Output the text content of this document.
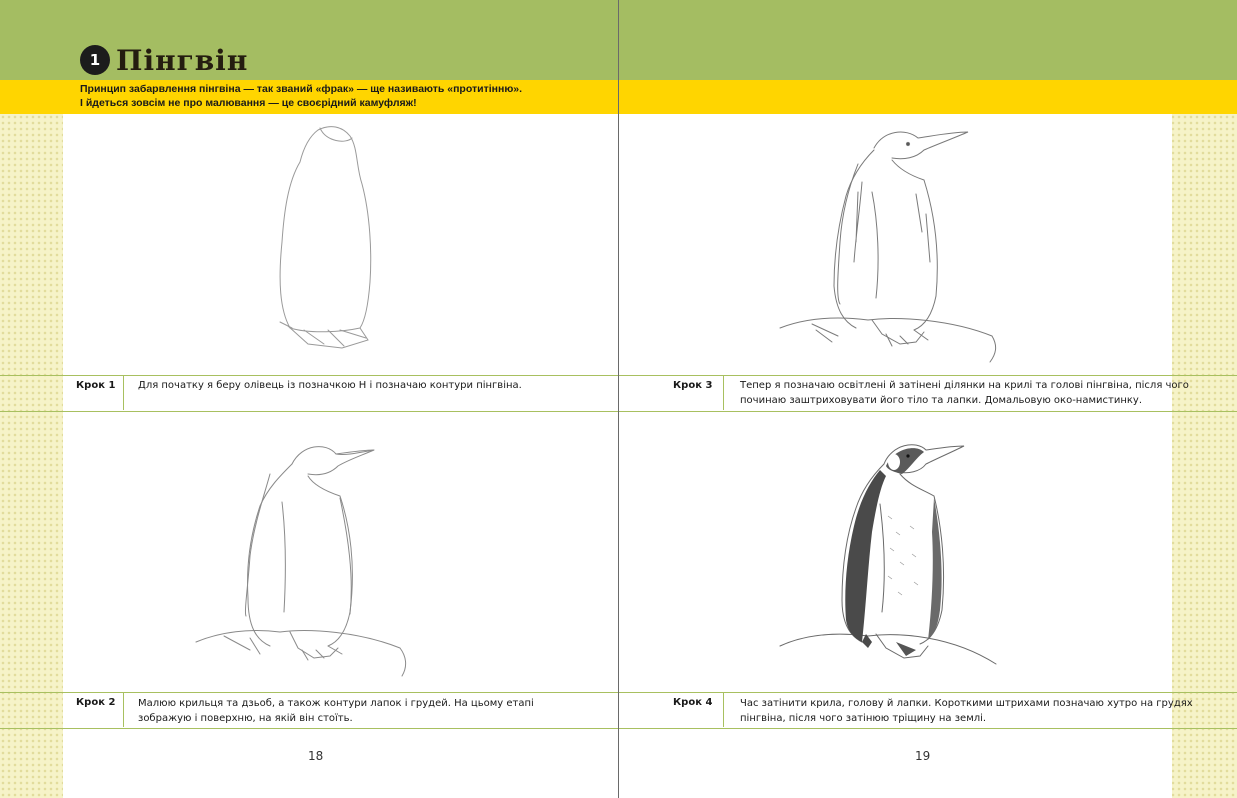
1 Пінгвін
Принцип забарвлення пінгвіна — так званий «фрак» — ще називають «протитінню».
І йдеться зовсім не про малювання — це своєрідний камуфляж!
Крок 1 Для початку я беру олівець із позначкою H і позначаю контури пінгвіна.	Крок 3	Тепер я позначаю освітлені й затінені ділянки на крилі та голові пінгвіна, після чого
починаю заштриховувати його тіло та лапки. Домальовую око-намистинку.
Крок 2 Малюю крильця та дзьоб, а також контури лапок і грудей. На цьому етапі
зображую і поверхню, на якій він стоїть.
Крок 4	Час затінити крила, голову й лапки. Короткими штрихами позначаю хутро на грудях
пінгвіна, після чого затінюю тріщину на землі.
18	19
